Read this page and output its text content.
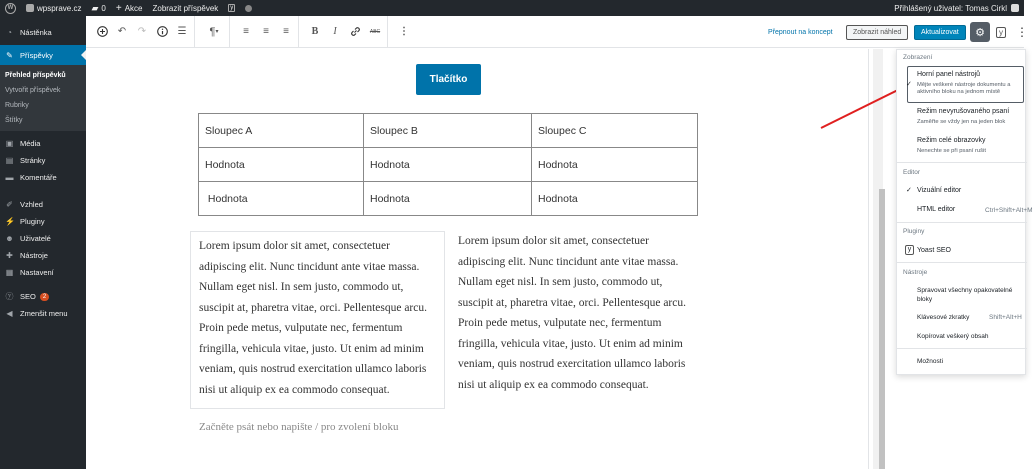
W	wpsprave.cz ▰ 0 + Akce Zobrazit příspěvek	y	Přihlášený uživatel: Tomas Cirkl
◔ Nástěnka
✎ Příspěvky
Přehled příspěvků
Vytvořit příspěvek
Rubriky
Štítky
▣ Média
▤ Stránky
▬ Komentáře
✐ Vzhled
⚡ Pluginy
☻ Uživatelé
✚ Nástroje
▦ Nastavení
ⓨ SEO	2
◀ Zmenšit menu
↶	↷	☰	¶ ▾	≡	≡	≡	B	I	ABC	⋮	Přepnout na koncept	Zobrazit náhled	Aktualizovat	⚙	y ⋮
Tlačítko
Sloupec A	Sloupec B	Sloupec C
Hodnota	Hodnota	Hodnota
Hodnota	Hodnota	Hodnota
Lorem ipsum dolor sit amet, consectetuer adipiscing elit. Nunc tincidunt ante vitae massa. Nullam eget nisl. In sem justo, commodo ut, suscipit at, pharetra vitae, orci. Pellentesque arcu. Proin pede metus, vulputate nec, fermentum fringilla, vehicula vitae, justo. Ut enim ad minim veniam, quis nostrud exercitation ullamco laboris nisi ut aliquip ex ea commodo consequat.
Lorem ipsum dolor sit amet, consectetuer adipiscing elit. Nunc tincidunt ante vitae massa. Nullam eget nisl. In sem justo, commodo ut, suscipit at, pharetra vitae, orci. Pellentesque arcu. Proin pede metus, vulputate nec, fermentum fringilla, vehicula vitae, justo. Ut enim ad minim veniam, quis nostrud exercitation ullamco laboris nisi ut aliquip ex ea commodo consequat.
Začněte psát nebo napište / pro zvolení bloku
Zobrazení
✓
Horní panel nástrojů
Mějte veškeré nástroje dokumentu a
aktivního bloku na jednom místě
Režim nevyrušovaného psaní
Zaměřte se vždy jen na jeden blok
Režim celé obrazovky
Nenechte se při psaní rušit
Editor
✓ Vizuální editor
HTML editor	Ctrl+Shift+Alt+M
Pluginy
y Yoast SEO
Nástroje
Spravovat všechny opakovatelné
bloky
Klávesové zkratky	Shift+Alt+H
Kopírovat veškerý obsah
Možnosti
